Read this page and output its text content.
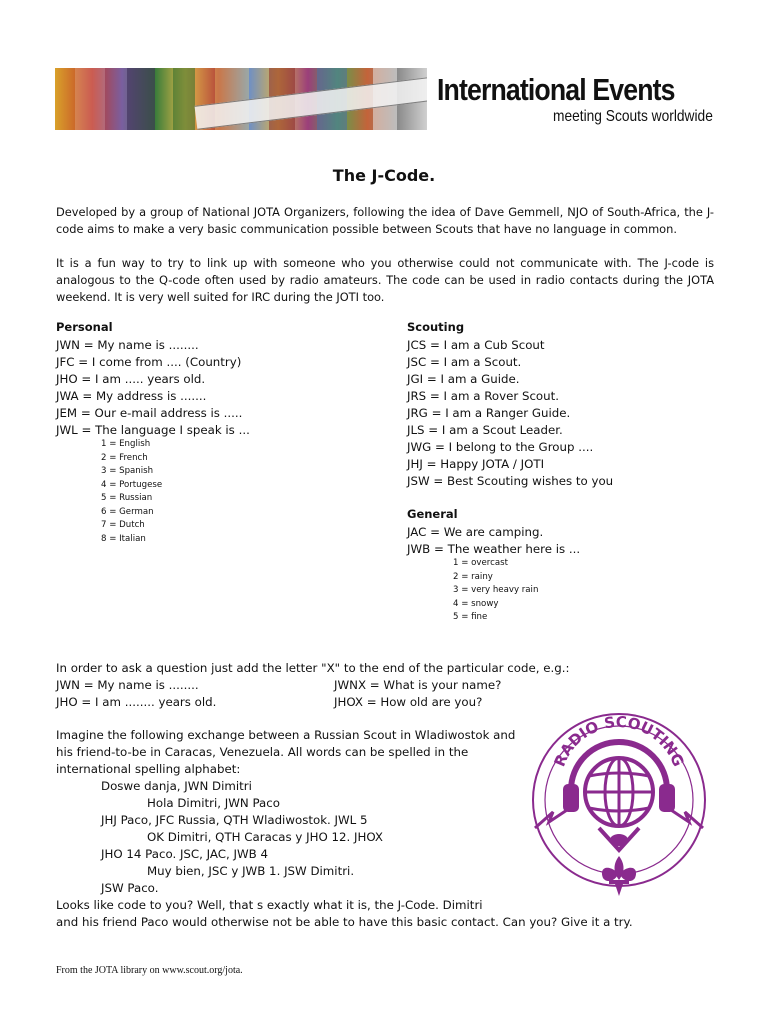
International Events
meeting Scouts worldwide
The J-Code.
Developed by a group of National JOTA Organizers, following the idea of Dave Gemmell, NJO of South-Africa, the J-code aims to make a very basic communication possible between Scouts that have no language in common.
It is a fun way to try to link up with someone who you otherwise could not communicate with. The J-code is analogous to the Q-code often used by radio amateurs. The code can be used in radio contacts during the JOTA weekend. It is very well suited for IRC during the JOTI too.
Personal
JWN = My name is ........
JFC = I come from .... (Country)
JHO = I am ..... years old.
JWA = My address is .......
JEM = Our e-mail address is .....
JWL = The language I speak is ...
1 = English
2 = French
3 = Spanish
4 = Portugese
5 = Russian
6 = German
7 = Dutch
8 = Italian
Scouting
JCS = I am a Cub Scout
JSC = I am a Scout.
JGI = I am a Guide.
JRS = I am a Rover Scout.
JRG = I am a Ranger Guide.
JLS = I am a Scout Leader.
JWG = I belong to the Group ....
JHJ = Happy JOTA / JOTI
JSW = Best Scouting wishes to you
General
JAC = We are camping.
JWB = The weather here is ...
1 = overcast
2 = rainy
3 = very heavy rain
4 = snowy
5 = fine
In order to ask a question just add the letter "X" to the end of the particular code, e.g.:
JWN = My name is ........	JWNX = What is your name?
JHO = I am ........ years old.	JHOX = How old are you?
Imagine the following exchange between a Russian Scout in Wladiwostok and
his friend-to-be in Caracas, Venezuela. All words can be spelled in the
international spelling alphabet:
Doswe danja, JWN Dimitri
Hola Dimitri, JWN Paco
JHJ Paco, JFC Russia, QTH Wladiwostok. JWL 5
OK Dimitri, QTH Caracas y JHO 12. JHOX
JHO 14 Paco. JSC, JAC, JWB 4
Muy bien, JSC y JWB 1. JSW Dimitri.
JSW Paco.
Looks like code to you? Well, that s exactly what it is, the J-Code. Dimitri
and his friend Paco would otherwise not be able to have this basic contact. Can you? Give it a try.
RADIO SCOUTING
From the JOTA library on www.scout.org/jota.
